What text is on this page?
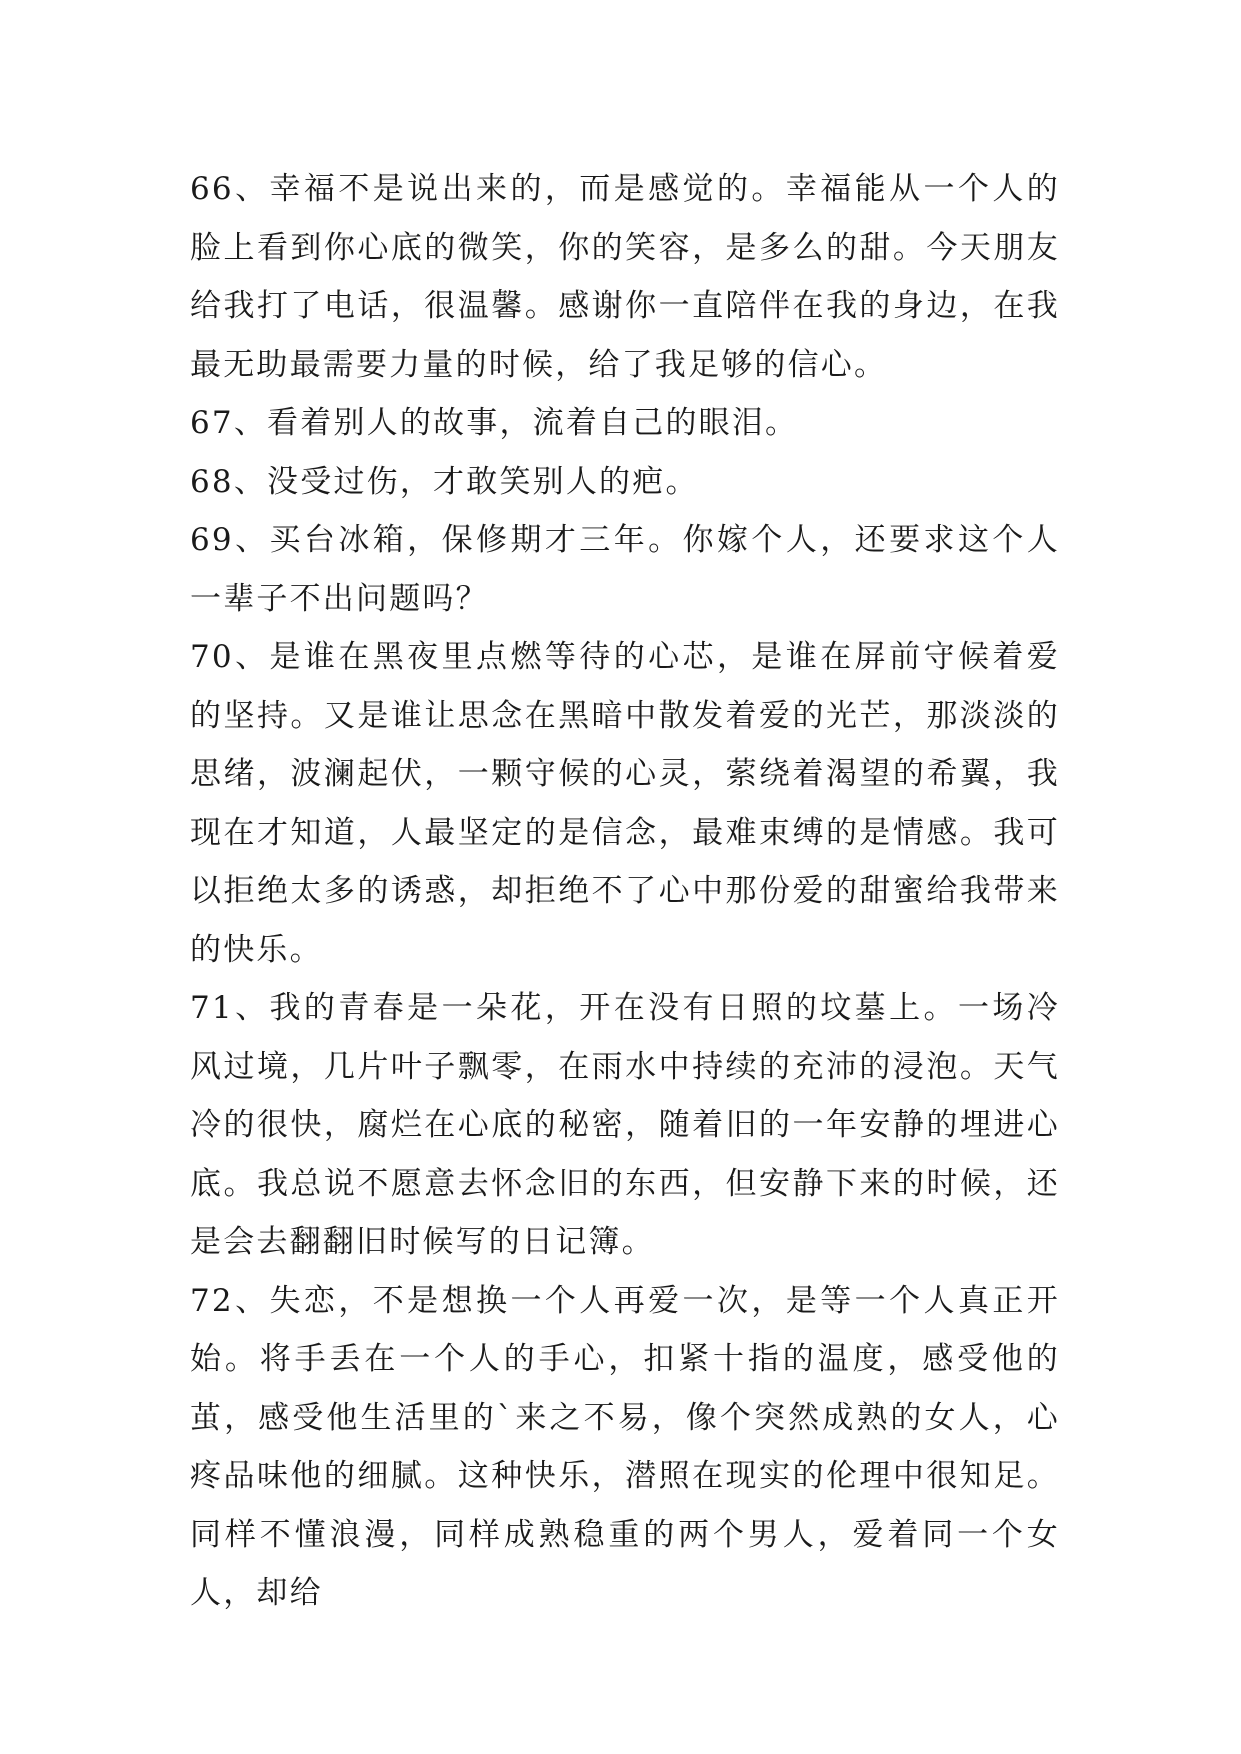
66、幸福不是说出来的，而是感觉的。幸福能从一个人的脸上看到你心底的微笑，你的笑容，是多么的甜。今天朋友给我打了电话，很温馨。感谢你一直陪伴在我的身边，在我最无助最需要力量的时候，给了我足够的信心。

67、看着别人的故事，流着自己的眼泪。

68、没受过伤，才敢笑别人的疤。

69、买台冰箱，保修期才三年。你嫁个人，还要求这个人一辈子不出问题吗？

70、是谁在黑夜里点燃等待的心芯，是谁在屏前守候着爱的坚持。又是谁让思念在黑暗中散发着爱的光芒，那淡淡的思绪，波澜起伏，一颗守候的心灵，萦绕着渴望的希翼，我现在才知道，人最坚定的是信念，最难束缚的是情感。我可以拒绝太多的诱惑，却拒绝不了心中那份爱的甜蜜给我带来的快乐。

71、我的青春是一朵花，开在没有日照的坟墓上。一场冷风过境，几片叶子飘零，在雨水中持续的充沛的浸泡。天气冷的很快，腐烂在心底的秘密，随着旧的一年安静的埋进心底。我总说不愿意去怀念旧的东西，但安静下来的时候，还是会去翻翻旧时候写的日记簿。

72、失恋，不是想换一个人再爱一次，是等一个人真正开始。将手丢在一个人的手心，扣紧十指的温度，感受他的茧，感受他生活里的`来之不易，像个突然成熟的女人，心疼品味他的细腻。这种快乐，潜照在现实的伦理中很知足。同样不懂浪漫，同样成熟稳重的两个男人，爱着同一个女人，却给
